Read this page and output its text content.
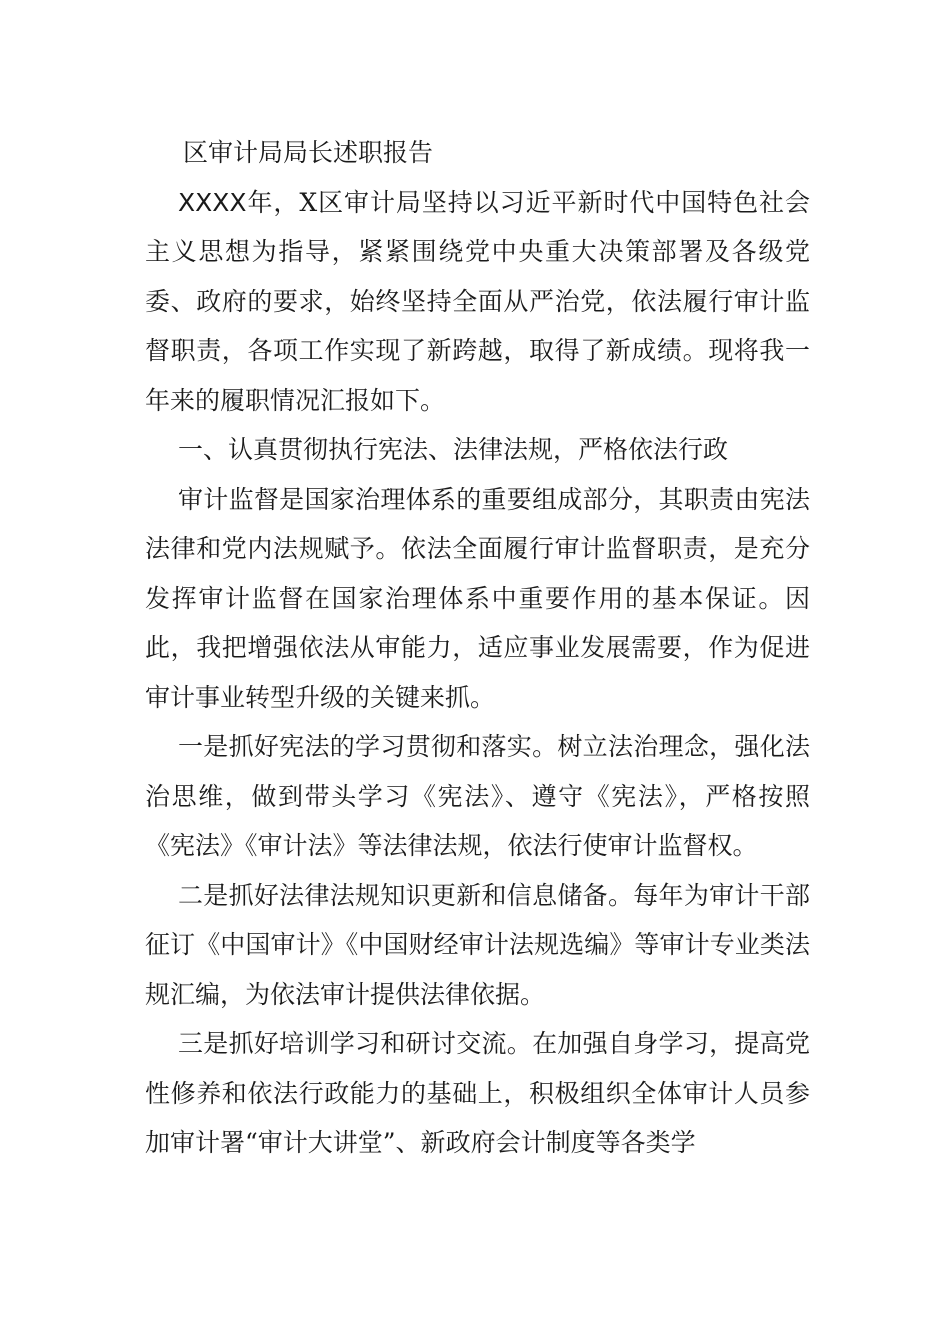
区审计局局长述职报告

XXXX年，X区审计局坚持以习近平新时代中国特色社会主义思想为指导，紧紧围绕党中央重大决策部署及各级党委、政府的要求，始终坚持全面从严治党，依法履行审计监督职责，各项工作实现了新跨越，取得了新成绩。现将我一年来的履职情况汇报如下。

一、认真贯彻执行宪法、法律法规，严格依法行政

审计监督是国家治理体系的重要组成部分，其职责由宪法法律和党内法规赋予。依法全面履行审计监督职责，是充分发挥审计监督在国家治理体系中重要作用的基本保证。因此，我把增强依法从审能力，适应事业发展需要，作为促进审计事业转型升级的关键来抓。

一是抓好宪法的学习贯彻和落实。树立法治理念，强化法治思维，做到带头学习《宪法》、遵守《宪法》，严格按照《宪法》《审计法》等法律法规，依法行使审计监督权。

二是抓好法律法规知识更新和信息储备。每年为审计干部征订《中国审计》《中国财经审计法规选编》等审计专业类法规汇编，为依法审计提供法律依据。

三是抓好培训学习和研讨交流。在加强自身学习，提高党性修养和依法行政能力的基础上，积极组织全体审计人员参加审计署“审计大讲堂”、新政府会计制度等各类学
